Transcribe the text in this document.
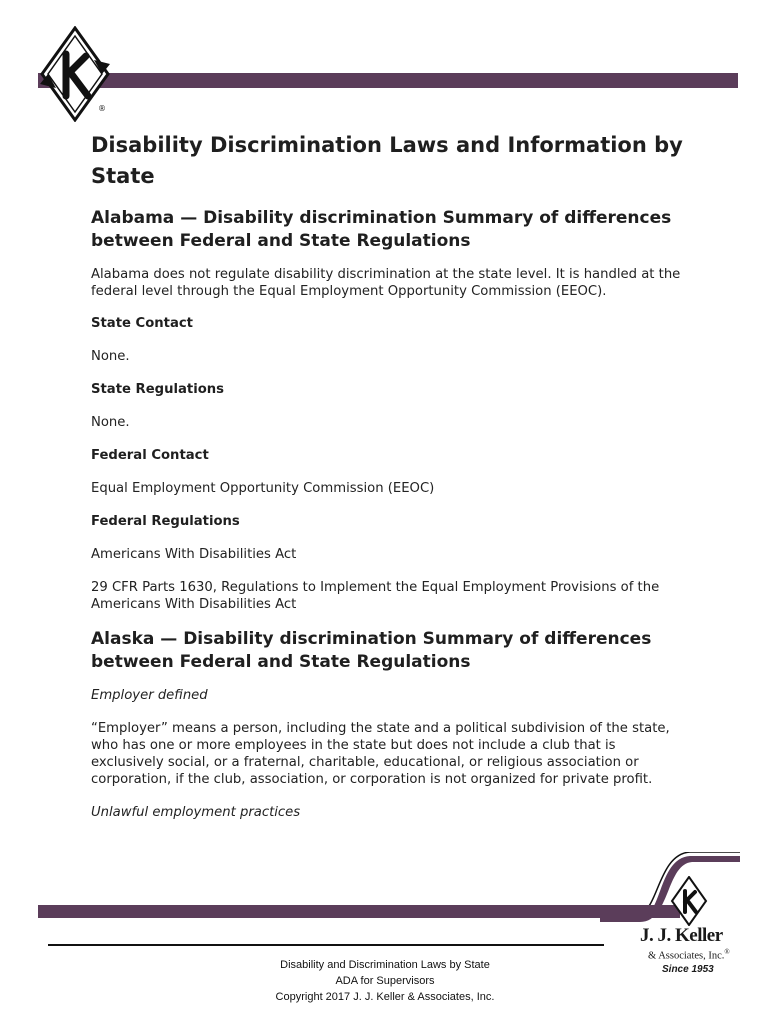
®
Disability Discrimination Laws and Information by State
Alabama — Disability discrimination Summary of differences between Federal and State Regulations

Alabama does not regulate disability discrimination at the state level. It is handled at the federal level through the Equal Employment Opportunity Commission (EEOC).

State Contact

None.

State Regulations

None.

Federal Contact

Equal Employment Opportunity Commission (EEOC)

Federal Regulations

Americans With Disabilities Act

29 CFR Parts 1630, Regulations to Implement the Equal Employment Provisions of the Americans With Disabilities Act

Alaska — Disability discrimination Summary of differences between Federal and State Regulations

Employer defined

“Employer” means a person, including the state and a political subdivision of the state, who has one or more employees in the state but does not include a club that is exclusively social, or a fraternal, charitable, educational, or religious association or corporation, if the club, association, or corporation is not organized for private profit.

Unlawful employment practices

Disability and Discrimination Laws by State
ADA for Supervisors
Copyright 2017 J. J. Keller & Associates, Inc.
J. J. Keller
& Associates, Inc.®
Since 1953
